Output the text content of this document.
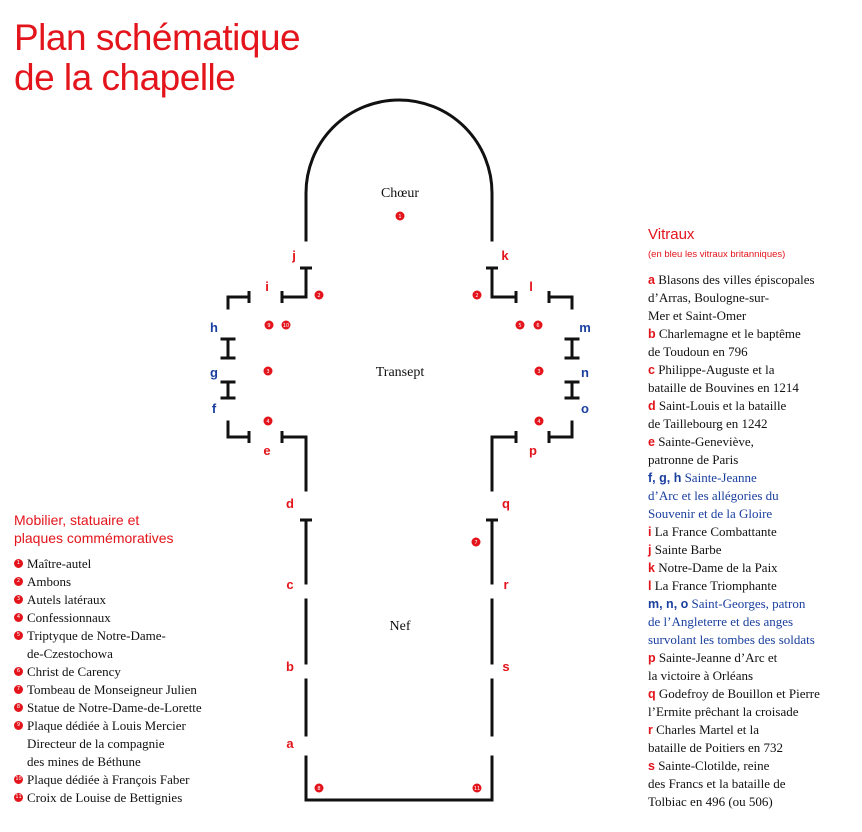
Plan schématique
de la chapelle
Chœur
Transept
Nef
a
b
c
d
e
f
g
h
i
j	k
l
m
n
o
p
q
r
s
1
2	2
9 10	5	6
3	3
4	4
7
8	11
Vitraux
(en bleu les vitraux britanniques)
a Blasons des villes épiscopales
d’Arras, Boulogne-sur-
Mer et Saint-Omer
b Charlemagne et le baptême
de Toudoun en 796
c Philippe-Auguste et la
bataille de Bouvines en 1214
d Saint-Louis et la bataille
de Taillebourg en 1242
e Sainte-Geneviève,
patronne de Paris
f, g, h Sainte-Jeanne
d’Arc et les allégories du
Souvenir et de la Gloire
i La France Combattante
j Sainte Barbe
k Notre-Dame de la Paix
l La France Triomphante
m, n, o Saint-Georges, patron
de l’Angleterre et des anges
survolant les tombes des soldats
p Sainte-Jeanne d’Arc et
la victoire à Orléans
q Godefroy de Bouillon et Pierre
l’Ermite prêchant la croisade
r Charles Martel et la
bataille de Poitiers en 732
s Sainte-Clotilde, reine
des Francs et la bataille de
Tolbiac en 496 (ou 506)
Mobilier, statuaire et
plaques commémoratives
1 Maître-autel
2 Ambons
3 Autels latéraux
4 Confessionnaux
5 Triptyque de Notre-Dame-
de-Czestochowa
6 Christ de Carency
7 Tombeau de Monseigneur Julien
8 Statue de Notre-Dame-de-Lorette
9 Plaque dédiée à Louis Mercier
Directeur de la compagnie
des mines de Béthune
10 Plaque dédiée à François Faber
11 Croix de Louise de Bettignies
